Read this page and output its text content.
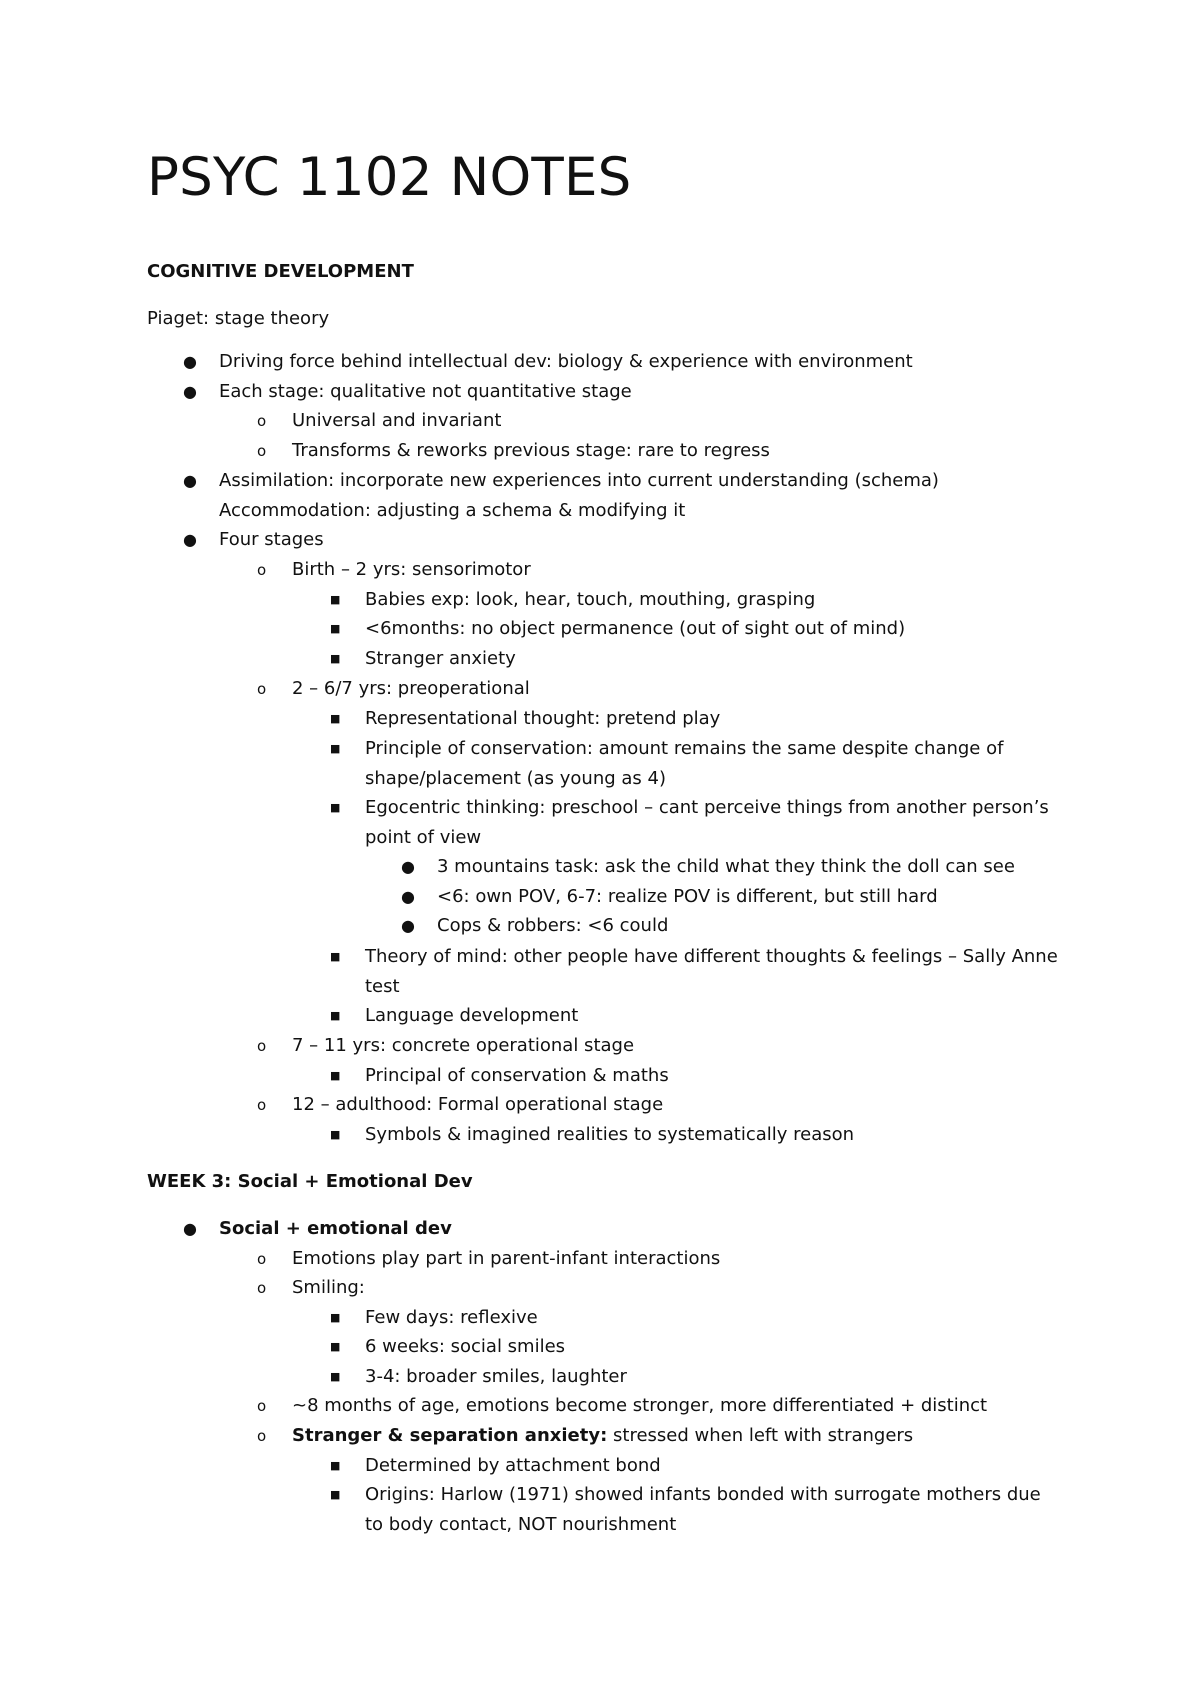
PSYC 1102 NOTES
COGNITIVE DEVELOPMENT
Piaget: stage theory
● Driving force behind intellectual dev: biology & experience with environment
● Each stage: qualitative not quantitative stage
o Universal and invariant
o Transforms & reworks previous stage: rare to regress
● Assimilation: incorporate new experiences into current understanding (schema)
Accommodation: adjusting a schema & modifying it
● Four stages
o Birth – 2 yrs: sensorimotor
■ Babies exp: look, hear, touch, mouthing, grasping
■ <6months: no object permanence (out of sight out of mind)
■ Stranger anxiety
o 2 – 6/7 yrs: preoperational
■ Representational thought: pretend play
■ Principle of conservation: amount remains the same despite change of
shape/placement (as young as 4)
■ Egocentric thinking: preschool – cant perceive things from another person’s
point of view
● 3 mountains task: ask the child what they think the doll can see
● <6: own POV, 6-7: realize POV is different, but still hard
● Cops & robbers: <6 could
■ Theory of mind: other people have different thoughts & feelings – Sally Anne
test
■ Language development
o 7 – 11 yrs: concrete operational stage
■ Principal of conservation & maths
o 12 – adulthood: Formal operational stage
■ Symbols & imagined realities to systematically reason
WEEK 3: Social + Emotional Dev
● Social + emotional dev
o Emotions play part in parent-infant interactions
o Smiling:
■ Few days: reflexive
■ 6 weeks: social smiles
■ 3-4: broader smiles, laughter
o ~8 months of age, emotions become stronger, more differentiated + distinct
o Stranger & separation anxiety: stressed when left with strangers
■ Determined by attachment bond
■ Origins: Harlow (1971) showed infants bonded with surrogate mothers due
to body contact, NOT nourishment
